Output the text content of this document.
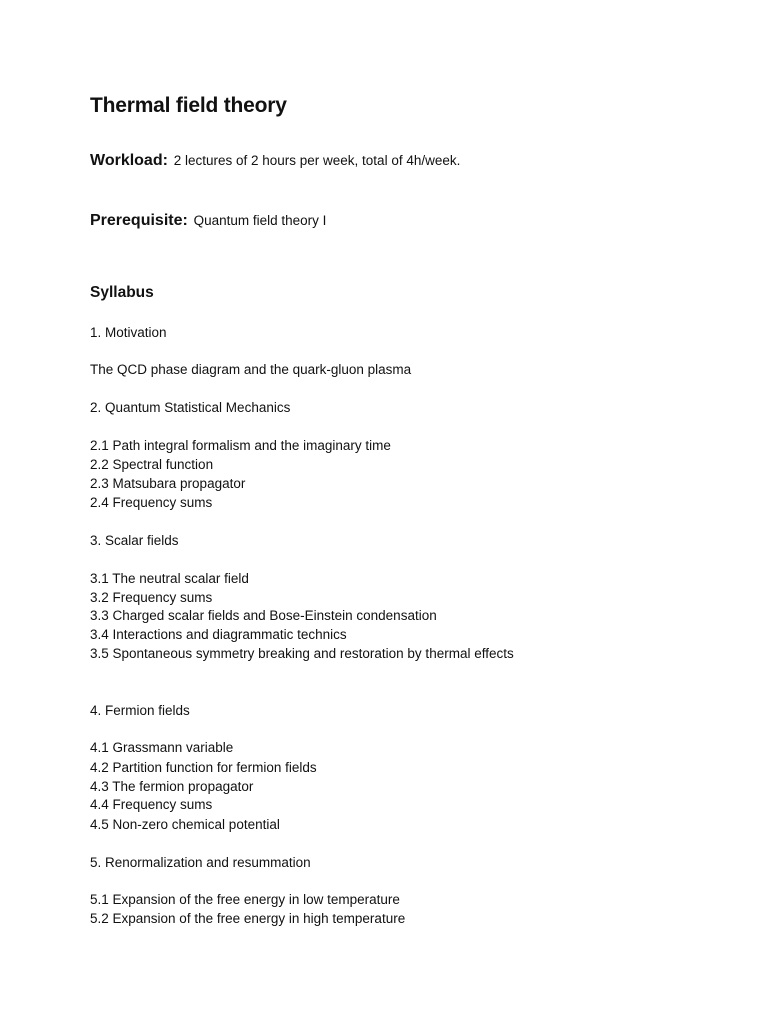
Thermal field theory
Workload: 2 lectures of 2 hours per week, total of 4h/week.
Prerequisite: Quantum field theory I
Syllabus
1. Motivation
The QCD phase diagram and the quark-gluon plasma
2. Quantum Statistical Mechanics
2.1 Path integral formalism and the imaginary time
2.2 Spectral function
2.3 Matsubara propagator
2.4 Frequency sums
3. Scalar fields
3.1 The neutral scalar field
3.2 Frequency sums
3.3 Charged scalar fields and Bose-Einstein condensation
3.4 Interactions and diagrammatic technics
3.5 Spontaneous symmetry breaking and restoration by thermal effects
4. Fermion fields
4.1 Grassmann variable
4.2 Partition function for fermion fields
4.3 The fermion propagator
4.4 Frequency sums
4.5 Non-zero chemical potential
5. Renormalization and resummation
5.1 Expansion of the free energy in low temperature
5.2 Expansion of the free energy in high temperature
